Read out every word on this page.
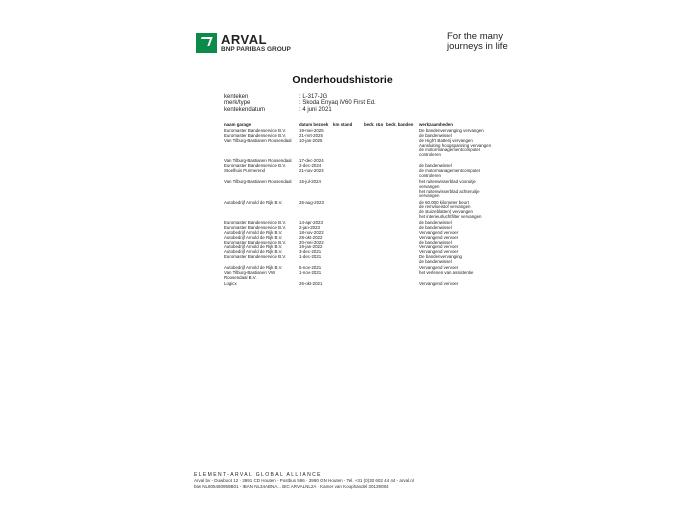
ARVAL
BNP PARIBAS GROUP
For the many
journeys in life
Onderhoudshistorie
kenteken	: L-317-JG
merk/type	: Skoda Enyaq iV60 First Ed.
kentekendatum	: 4 juni 2021
naam garage	datum bezoek km stand	bedr. r&o bedr. banden werkzaamheden
Euromaster Bandenservice B.V.	19-mei-2025	De bandenvervanging vervangen
Euromaster Bandenservice B.V.	21-mrt-2025	de bandenwissel
Van Tilburg-Bastianen Roosendaal 10-jan-2025	de High't Batterij vervangen
Aansluiting hoogspanning vervangen
de motormanagementcomputer
controleren
Van Tilburg-Bastianen Roosendaal 17-dec-2024
Euromaster Bandenservice B.V.	2-dec-2024	de bandenwissel
Stoelhuis Purmerend	21-nov-2024	de motormanagementcomputer
controleren
Van Tilburg-Bastianen Roosendaal 16-jul-2024	het ruitenwisserblad vooruitje
vervangen
het ruitenwisserblad achteruitje
vervangen
Autobedrijf Arnold de Rijk B.V.	26-aug-2023	de 60.000 kilometer beurt
de remvloeistof vervangen
de stuizeblatten) vervangen
het interieurluchtfilter vervangen
Euromaster Bandenservice B.V.	14-apr-2023	de bandenwissel
Euromaster Bandenservice B.V.	2-jan-2023	de bandenwissel
Autobedrijf Arnold de Rijk B.V.	18-nov-2022	Vervangend vervoer
Autobedrijf Arnold de Rijk B.V.	28-okt-2022	Vervangend vervoer
Euromaster Bandenservice B.V.	20-mei-2022	de bandenwissel
Autobedrijf Arnold de Rijk B.V.	19-jan-2022	Vervangend vervoer
Autobedrijf Arnold de Rijk B.V.	3-dec-2021	Vervangend vervoer
Euromaster Bandenservice B.V.	1-dec-2021	De bandenvervanging
de bandenwissel
Autobedrijf Arnold de Rijk B.V.	5-nov-2021	Vervangend vervoer
Van Tilburg-Bastianen VW Roosendaal B.V.
1-nov-2021	het verlenen van assistentie
Logicx	26-okt-2021	Vervangend vervoer
ELEMENT-ARVAL GLOBAL ALLIANCE
Arval bv - Duwboot 12 · 3991 CD Houten - Postbus 596 · 3990 GN Houten - Tel. +31 (0)30 602 44 44 - arval.nl
btw NL805460959B01 - IBAN NL34ABNA... BIC ARVALNL2A · Kamer van Koophandel 30139084
